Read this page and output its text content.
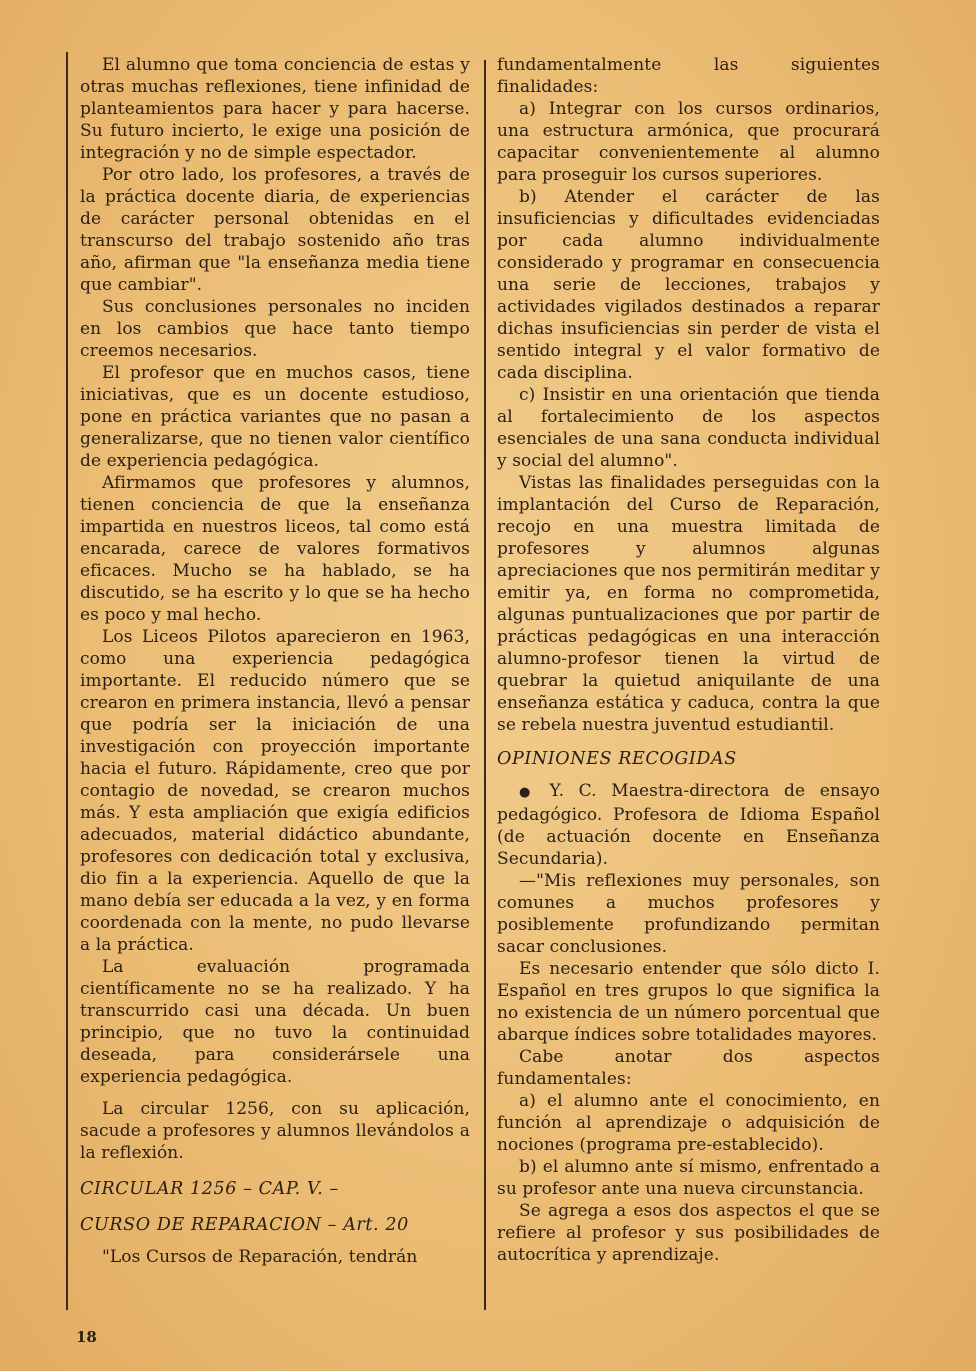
El alumno que toma conciencia de estas y otras muchas reflexiones, tiene infinidad de planteamientos para hacer y para hacerse. Su futuro incierto, le exige una posición de integración y no de simple espectador.

Por otro lado, los profesores, a través de la práctica docente diaria, de experiencias de carácter personal obtenidas en el transcurso del trabajo sostenido año tras año, afirman que "la enseñanza media tiene que cambiar".

Sus conclusiones personales no inciden en los cambios que hace tanto tiempo creemos necesarios.

El profesor que en muchos casos, tiene iniciativas, que es un docente estudioso, pone en práctica variantes que no pasan a generalizarse, que no tienen valor científico de experiencia pedagógica.

Afirmamos que profesores y alumnos, tienen conciencia de que la enseñanza impartida en nuestros liceos, tal como está encarada, carece de valores formativos eficaces. Mucho se ha hablado, se ha discutido, se ha escrito y lo que se ha hecho es poco y mal hecho.

Los Liceos Pilotos aparecieron en 1963, como una experiencia pedagógica importante. El reducido número que se crearon en primera instancia, llevó a pensar que podría ser la iniciación de una investigación con proyección importante hacia el futuro. Rápidamente, creo que por contagio de novedad, se crearon muchos más. Y esta ampliación que exigía edificios adecuados, material didáctico abundante, profesores con dedicación total y exclusiva, dio fin a la experiencia. Aquello de que la mano debía ser educada a la vez, y en forma coordenada con la mente, no pudo llevarse a la práctica.

La evaluación programada científicamente no se ha realizado. Y ha transcurrido casi una década. Un buen principio, que no tuvo la continuidad deseada, para considerársele una experiencia pedagógica.

La circular 1256, con su aplicación, sacude a profesores y alumnos llevándolos a la reflexión.

CIRCULAR 1256 – CAP. V. –

CURSO DE REPARACION – Art. 20

"Los Cursos de Reparación, tendrán

fundamentalmente las siguientes finalidades:

a) Integrar con los cursos ordinarios, una estructura armónica, que procurará capacitar convenientemente al alumno para proseguir los cursos superiores.

b) Atender el carácter de las insuficiencias y dificultades evidenciadas por cada alumno individualmente considerado y programar en consecuencia una serie de lecciones, trabajos y actividades vigilados destinados a reparar dichas insuficiencias sin perder de vista el sentido integral y el valor formativo de cada disciplina.

c) Insistir en una orientación que tienda al fortalecimiento de los aspectos esenciales de una sana conducta individual y social del alumno".

Vistas las finalidades perseguidas con la implantación del Curso de Reparación, recojo en una muestra limitada de profesores y alumnos algunas apreciaciones que nos permitirán meditar y emitir ya, en forma no comprometida, algunas puntualizaciones que por partir de prácticas pedagógicas en una interacción alumno-profesor tienen la virtud de quebrar la quietud aniquilante de una enseñanza estática y caduca, contra la que se rebela nuestra juventud estudiantil.

OPINIONES RECOGIDAS

● Y. C. Maestra-directora de ensayo pedagógico. Profesora de Idioma Español (de actuación docente en Enseñanza Secundaria).

—"Mis reflexiones muy personales, son comunes a muchos profesores y posiblemente profundizando permitan sacar conclusiones.

Es necesario entender que sólo dicto I. Español en tres grupos lo que significa la no existencia de un número porcentual que abarque índices sobre totalidades mayores.

Cabe anotar dos aspectos fundamentales:

a) el alumno ante el conocimiento, en función al aprendizaje o adquisición de nociones (programa pre-establecido).

b) el alumno ante sí mismo, enfrentado a su profesor ante una nueva circunstancia.

Se agrega a esos dos aspectos el que se refiere al profesor y sus posibilidades de autocrítica y aprendizaje.

18
